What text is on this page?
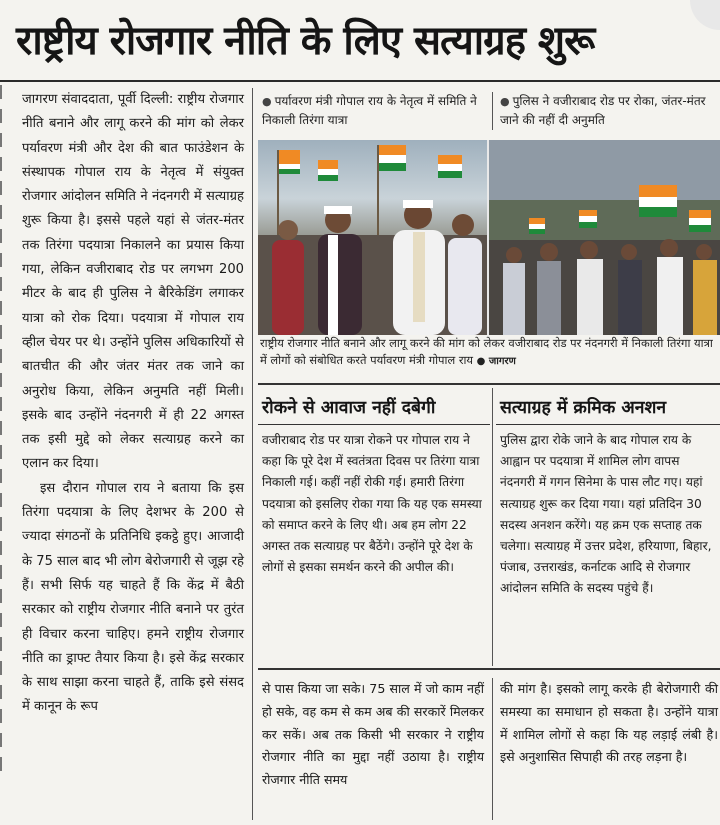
राष्ट्रीय रोजगार नीति के लिए सत्याग्रह शुरू

जागरण संवाददाता, पूर्वी दिल्ली: राष्ट्रीय रोजगार नीति बनाने और लागू करने की मांग को लेकर पर्यावरण मंत्री और देश की बात फाउंडेशन के संस्थापक गोपाल राय के नेतृत्व में संयुक्त रोजगार आंदोलन समिति ने नंदनगरी में सत्याग्रह शुरू किया है। इससे पहले यहां से जंतर-मंतर तक तिरंगा पदयात्रा निकालने का प्रयास किया गया, लेकिन वजीराबाद रोड पर लगभग 200 मीटर के बाद ही पुलिस ने बैरिकेडिंग लगाकर यात्रा को रोक दिया। पदयात्रा में गोपाल राय व्हील चेयर पर थे। उन्होंने पुलिस अधिकारियों से बातचीत की और जंतर मंतर तक जाने का अनुरोध किया, लेकिन अनुमति नहीं मिली। इसके बाद उन्होंने नंदनगरी में ही 22 अगस्त तक इसी मुद्दे को लेकर सत्याग्रह करने का एलान कर दिया।

इस दौरान गोपाल राय ने बताया कि इस तिरंगा पदयात्रा के लिए देशभर के 200 से ज्यादा संगठनों के प्रतिनिधि इकट्ठे हुए। आजादी के 75 साल बाद भी लोग बेरोजगारी से जूझ रहे हैं। सभी सिर्फ यह चाहते हैं कि केंद्र में बैठी सरकार को राष्ट्रीय रोजगार नीति बनाने पर तुरंत ही विचार करना चाहिए। हमने राष्ट्रीय रोजगार नीति का ड्राफ्ट तैयार किया है। इसे केंद्र सरकार के साथ साझा करना चाहते हैं, ताकि इसे संसद में कानून के रूप

● पर्यावरण मंत्री गोपाल राय के नेतृत्व में समिति ने निकाली तिरंगा यात्रा
● पुलिस ने वजीराबाद रोड पर रोका, जंतर-मंतर जाने की नहीं दी अनुमति
राष्ट्रीय रोजगार नीति बनाने और लागू करने की मांग को लेकर वजीराबाद रोड पर नंदनगरी में निकाली तिरंगा यात्रा में लोगों को संबोधित करते पर्यावरण मंत्री गोपाल राय ● जागरण
रोकने से आवाज नहीं दबेगी
वजीराबाद रोड पर यात्रा रोकने पर गोपाल राय ने कहा कि पूरे देश में स्वतंत्रता दिवस पर तिरंगा यात्रा निकाली गई। कहीं नहीं रोकी गई। हमारी तिरंगा पदयात्रा को इसलिए रोका गया कि यह एक समस्या को समाप्त करने के लिए थी। अब हम लोग 22 अगस्त तक सत्याग्रह पर बैठेंगे। उन्होंने पूरे देश के लोगों से इसका समर्थन करने की अपील की।
सत्याग्रह में क्रमिक अनशन
पुलिस द्वारा रोके जाने के बाद गोपाल राय के आह्वान पर पदयात्रा में शामिल लोग वापस नंदनगरी में गगन सिनेमा के पास लौट गए। यहां सत्याग्रह शुरू कर दिया गया। यहां प्रतिदिन 30 सदस्य अनशन करेंगे। यह क्रम एक सप्ताह तक चलेगा। सत्याग्रह में उत्तर प्रदेश, हरियाणा, बिहार, पंजाब, उत्तराखंड, कर्नाटक आदि से रोजगार आंदोलन समिति के सदस्य पहुंचे हैं।
से पास किया जा सके। 75 साल में जो काम नहीं हो सके, वह कम से कम अब की सरकारें मिलकर कर सकें। अब तक किसी भी सरकार ने राष्ट्रीय रोजगार नीति का मुद्दा नहीं उठाया है। राष्ट्रीय रोजगार नीति समय
की मांग है। इसको लागू करके ही बेरोजगारी की समस्या का समाधान हो सकता है। उन्होंने यात्रा में शामिल लोगों से कहा कि यह लड़ाई लंबी है। इसे अनुशासित सिपाही की तरह लड़ना है।
